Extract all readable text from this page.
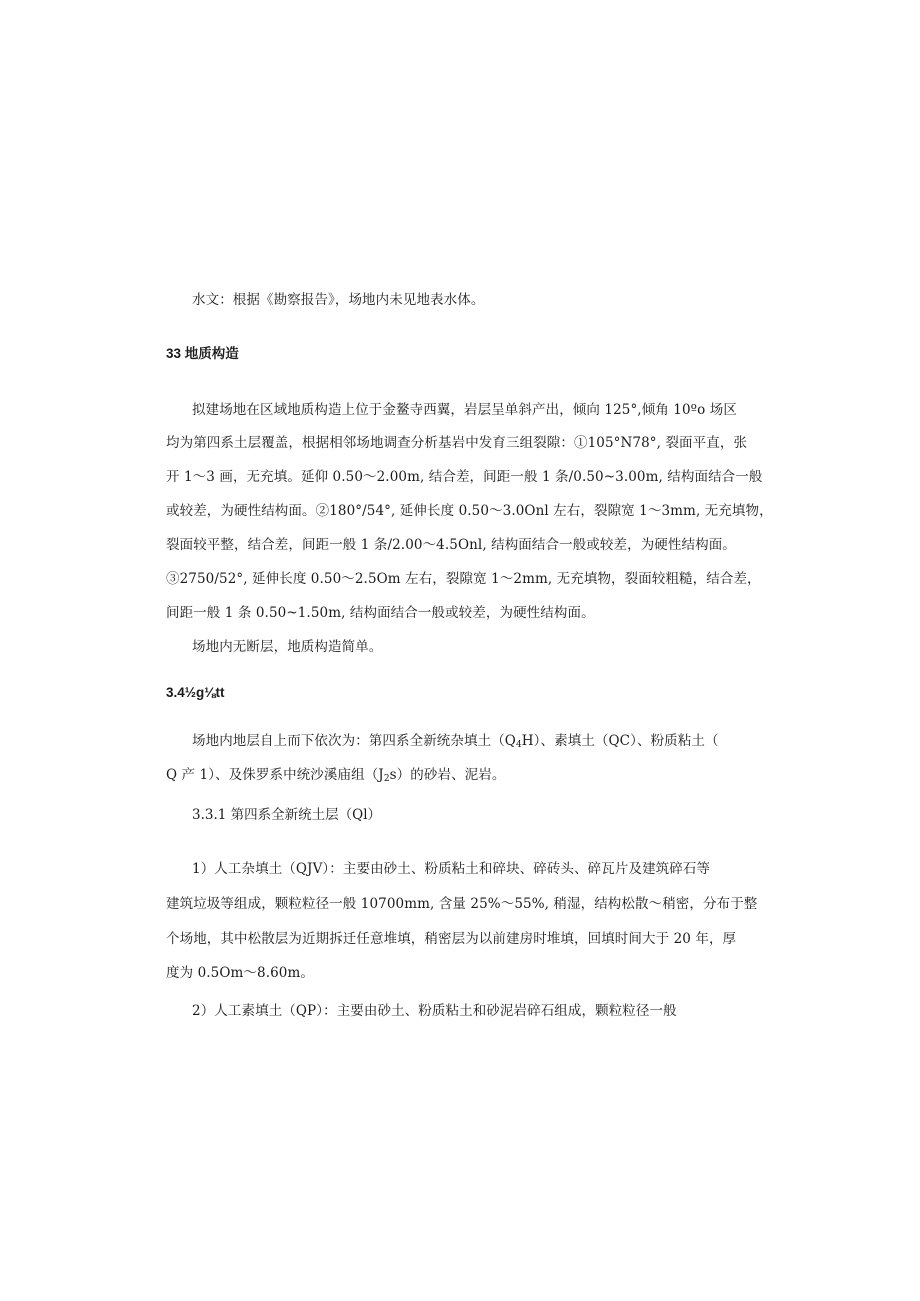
水文：根据《勘察报告》，场地内未见地表水体。
33 地质构造
拟建场地在区域地质构造上位于金鳌寺西翼，岩层呈单斜产出，倾向 125°,倾角 10ºo 场区
均为第四系土层覆盖，根据相邻场地调查分析基岩中发育三组裂隙：①105°N78°, 裂面平直，张
开 1～3 画，无充填。延仰 0.50～2.00m, 结合差，间距一般 1 条/0.50~3.00m, 结构面结合一般
或较差，为硬性结构面。②180°/54°, 延伸长度 0.50～3.0Onl 左右，裂隙宽 1～3mm, 无充填物，
裂面较平整，结合差，间距一般 1 条/2.00～4.5Onl, 结构面结合一般或较差，为硬性结构面。
③2750/52°, 延伸长度 0.50～2.5Om 左右，裂隙宽 1～2mm, 无充填物，裂面较粗糙，结合差，
间距一般 1 条 0.50~1.50m, 结构面结合一般或较差，为硬性结构面。
场地内无断层，地质构造简单。
3.4½g⅛tt
场地内地层自上而下依次为：第四系全新统杂填土$(Q_4H)$、素填土（QC）、粉质粘土（
Q 产 1）、及侏罗系中统沙溪庙组$(J_2s)$的砂岩、泥岩。
3.3.1 第四系全新统土层（Ql）
1）人工杂填土（QJV）：主要由砂土、粉质粘土和碎块、碎砖头、碎瓦片及建筑碎石等
建筑垃圾等组成，颗粒粒径一般 10700mm, 含量 25%～55%, 稍湿，结构松散～稍密，分布于整
个场地，其中松散层为近期拆迁任意堆填，稍密层为以前建房时堆填，回填时间大于 20 年，厚
度为 0.5Om～8.60m。
2）人工素填土（QP）：主要由砂土、粉质粘土和砂泥岩碎石组成，颗粒粒径一般
